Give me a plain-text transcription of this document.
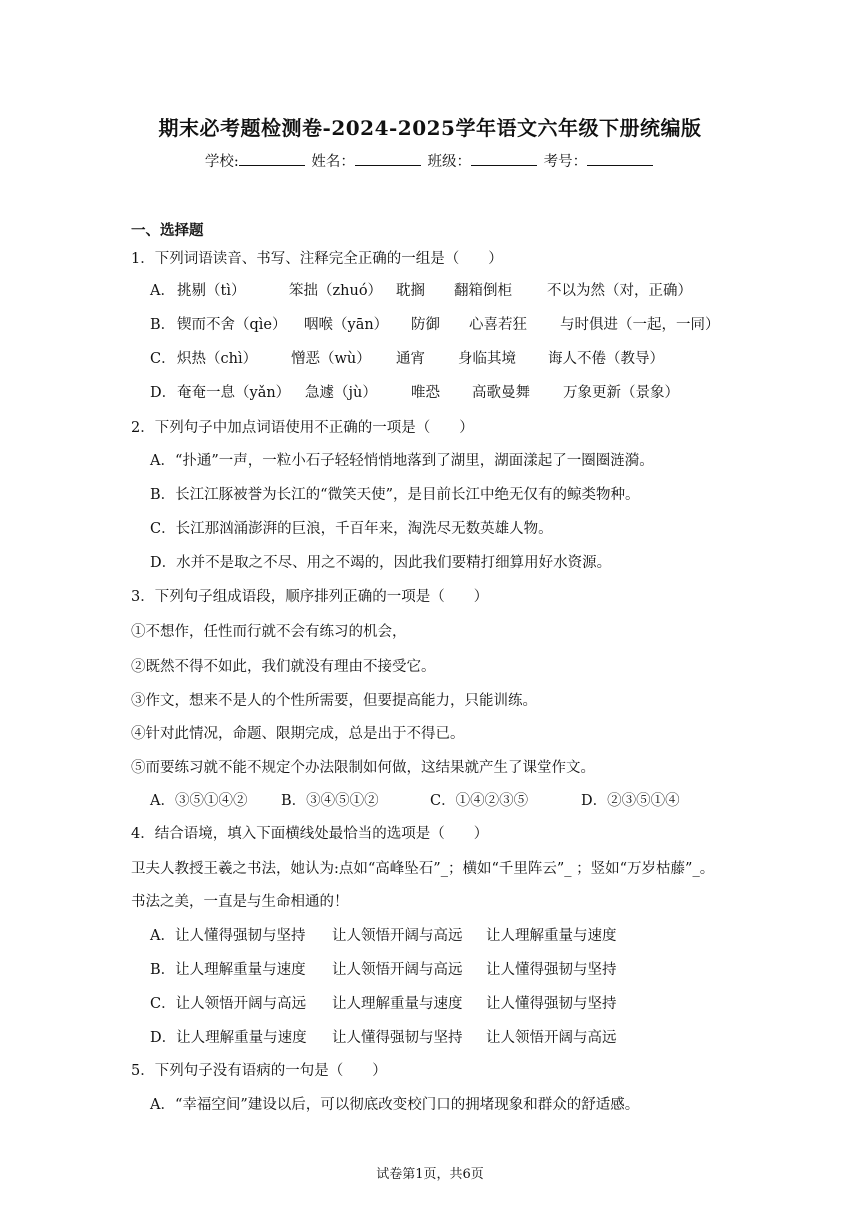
期末必考题检测卷-2024-2025学年语文六年级下册统编版
学校:	姓名：	班级：	考号：
一、选择题
1．下列词语读音、书写、注释完全正确的一组是（　　）
A． 挑剔（tì）	笨拙（zhuó） 耽搁 翻箱倒柜 不以为然（对，正确）
B． 锲而不舍（qìe） 咽喉（yān） 防御 心喜若狂 与时俱进（一起，一同）
C． 炽热（chì） 憎恶（wù） 通宵 身临其境 诲人不倦（教导）
D． 奄奄一息（yǎn） 急遽（jù） 唯恐 高歌曼舞 万象更新（景象）
2．下列句子中加点词语使用不正确的一项是（　　）
A．“扑通”一声，一粒小石子轻轻悄悄地落到了湖里，湖面漾起了一圈圈涟漪。
B．长江江豚被誉为长江的“微笑天使”，是目前长江中绝无仅有的鲸类物种。
C．长江那汹涌澎湃的巨浪，千百年来，淘洗尽无数英雄人物。
D．水并不是取之不尽、用之不竭的，因此我们要精打细算用好水资源。
3．下列句子组成语段，顺序排列正确的一项是（　　）
①不想作，任性而行就不会有练习的机会，
②既然不得不如此，我们就没有理由不接受它。
③作文，想来不是人的个性所需要，但要提高能力，只能训练。
④针对此情况，命题、限期完成，总是出于不得已。
⑤而要练习就不能不规定个办法限制如何做，这结果就产生了课堂作文。
A．③⑤①④② B．③④⑤①②	C．①④②③⑤	D．②③⑤①④
4．结合语境，填入下面横线处最恰当的选项是（　　）
卫夫人教授王羲之书法，她认为:点如“高峰坠石”_；横如“千里阵云”_ ；竖如“万岁枯藤”_。
书法之美，一直是与生命相通的！
A．让人懂得强韧与坚持 让人领悟开阔与高远 让人理解重量与速度
B．让人理解重量与速度 让人领悟开阔与高远 让人懂得强韧与坚持
C．让人领悟开阔与高远 让人理解重量与速度 让人懂得强韧与坚持
D．让人理解重量与速度 让人懂得强韧与坚持 让人领悟开阔与高远
5．下列句子没有语病的一句是（　　）
A．“幸福空间”建设以后，可以彻底改变校门口的拥堵现象和群众的舒适感。
试卷第1页，共6页
